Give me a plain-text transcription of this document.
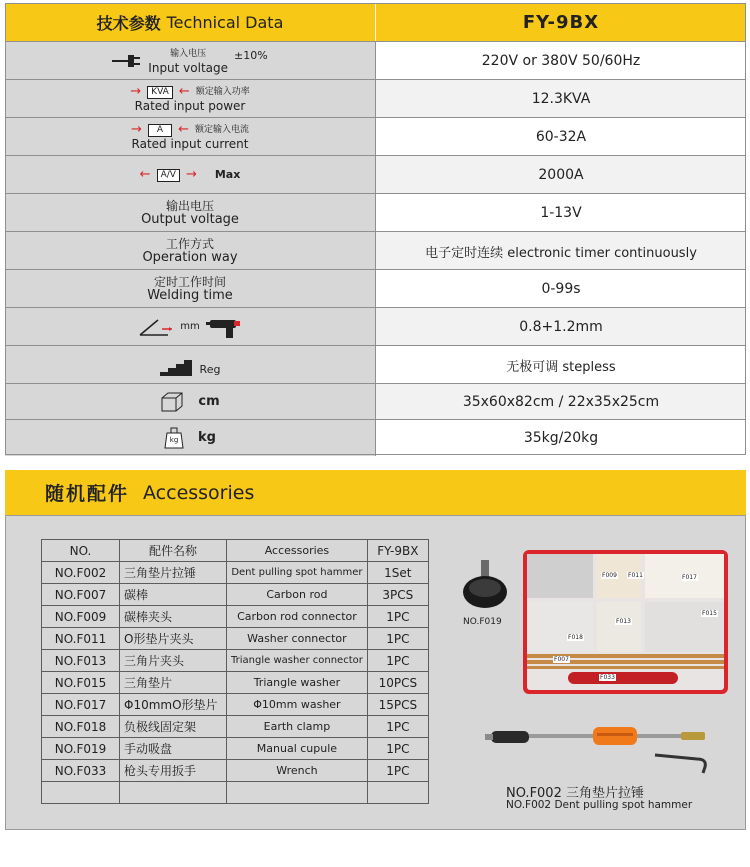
技术参数 Technical Data	FY-9BX
输入电压
Input voltage
±10%	220V or 380V 50/60Hz
→	KVA ← 额定输入功率
Rated input power	12.3KVA
→	A	← 额定输入电流
Rated input current	60-32A
←	A/V → Max	2000A
输出电压
Output voltage	1-13V
工作方式
Operation way	电子定时连续 electronic timer continuously
定时工作时间
Welding time	0-99s
mm	0.8+1.2mm
Reg	无极可调 stepless
cm	35x60x82cm / 22x35x25cm
kg	kg	35kg/20kg
随机配件 Accessories
NO.	配件名称	Accessories	FY-9BX
NO.F002	三角垫片拉锤	Dent pulling spot hammer	1Set
NO.F007	碳棒	Carbon rod	3PCS
NO.F009	碳棒夹头	Carbon rod connector	1PC
NO.F011	O形垫片夹头	Washer connector	1PC
NO.F013	三角片夹头	Triangle washer connector	1PC
NO.F015	三角垫片	Triangle washer	10PCS
NO.F017	Φ10mmO形垫片	Φ10mm washer	15PCS
NO.F018	负极线固定架	Earth clamp	1PC
NO.F019	手动吸盘	Manual cupule	1PC
NO.F033	枪头专用扳手	Wrench	1PC

NO.F019
F009 F011	F017
F015
F013
F018
F007
F033
NO.F002 三角垫片拉锤
NO.F002 Dent pulling spot hammer
